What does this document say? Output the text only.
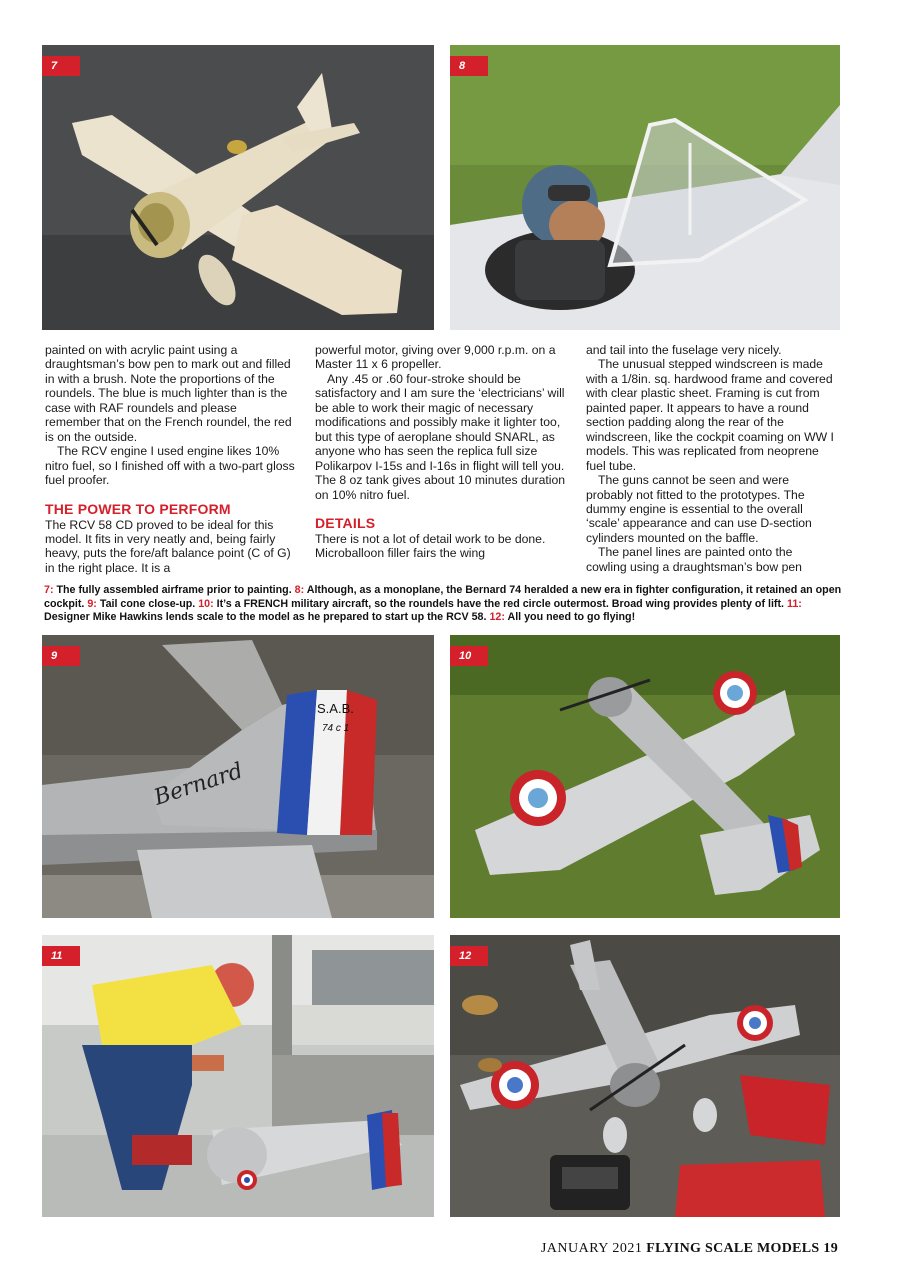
7	8

painted on with acrylic paint using a draughtsman’s bow pen to mark out and filled in with a brush. Note the proportions of the roundels. The blue is much lighter than is the case with RAF roundels and please remember that on the French roundel, the red is on the outside.

The RCV engine I used engine likes 10% nitro fuel, so I finished off with a two-part gloss fuel proofer.

THE POWER TO PERFORM

The RCV 58 CD proved to be ideal for this model. It fits in very neatly and, being fairly heavy, puts the fore/aft balance point (C of G) in the right place. It is a

powerful motor, giving over 9,000 r.p.m. on a Master 11 x 6 propeller.

Any .45 or .60 four-stroke should be satisfactory and I am sure the ‘electricians’ will be able to work their magic of necessary modifications and possibly make it lighter too, but this type of aeroplane should SNARL, as anyone who has seen the replica full size Polikarpov I-15s and I-16s in flight will tell you. The 8 oz tank gives about 10 minutes duration on 10% nitro fuel.

DETAILS

There is not a lot of detail work to be done. Microballoon filler fairs the wing

and tail into the fuselage very nicely.

The unusual stepped windscreen is made with a 1/8in. sq. hardwood frame and covered with clear plastic sheet. Framing is cut from painted paper. It appears to have a round section padding along the rear of the windscreen, like the cockpit coaming on WW I models. This was replicated from neoprene fuel tube.

The guns cannot be seen and were probably not fitted to the prototypes. The dummy engine is essential to the overall ‘scale’ appearance and can use D-section cylinders mounted on the baffle.

The panel lines are painted onto the cowling using a draughtsman’s bow pen

7: The fully assembled airframe prior to painting. 8: Although, as a monoplane, the Bernard 74 heralded a new era in fighter configuration, it retained an open cockpit. 9: Tail cone close-up. 10: It’s a FRENCH military aircraft, so the roundels have the red circle outermost. Broad wing provides plenty of lift. 11: Designer Mike Hawkins lends scale to the model as he prepared to start up the RCV 58. 12: All you need to go flying!
S.A.B.
74 c 1
Bernard
9	10
11	12
JANUARY 2021 FLYING SCALE MODELS 19
